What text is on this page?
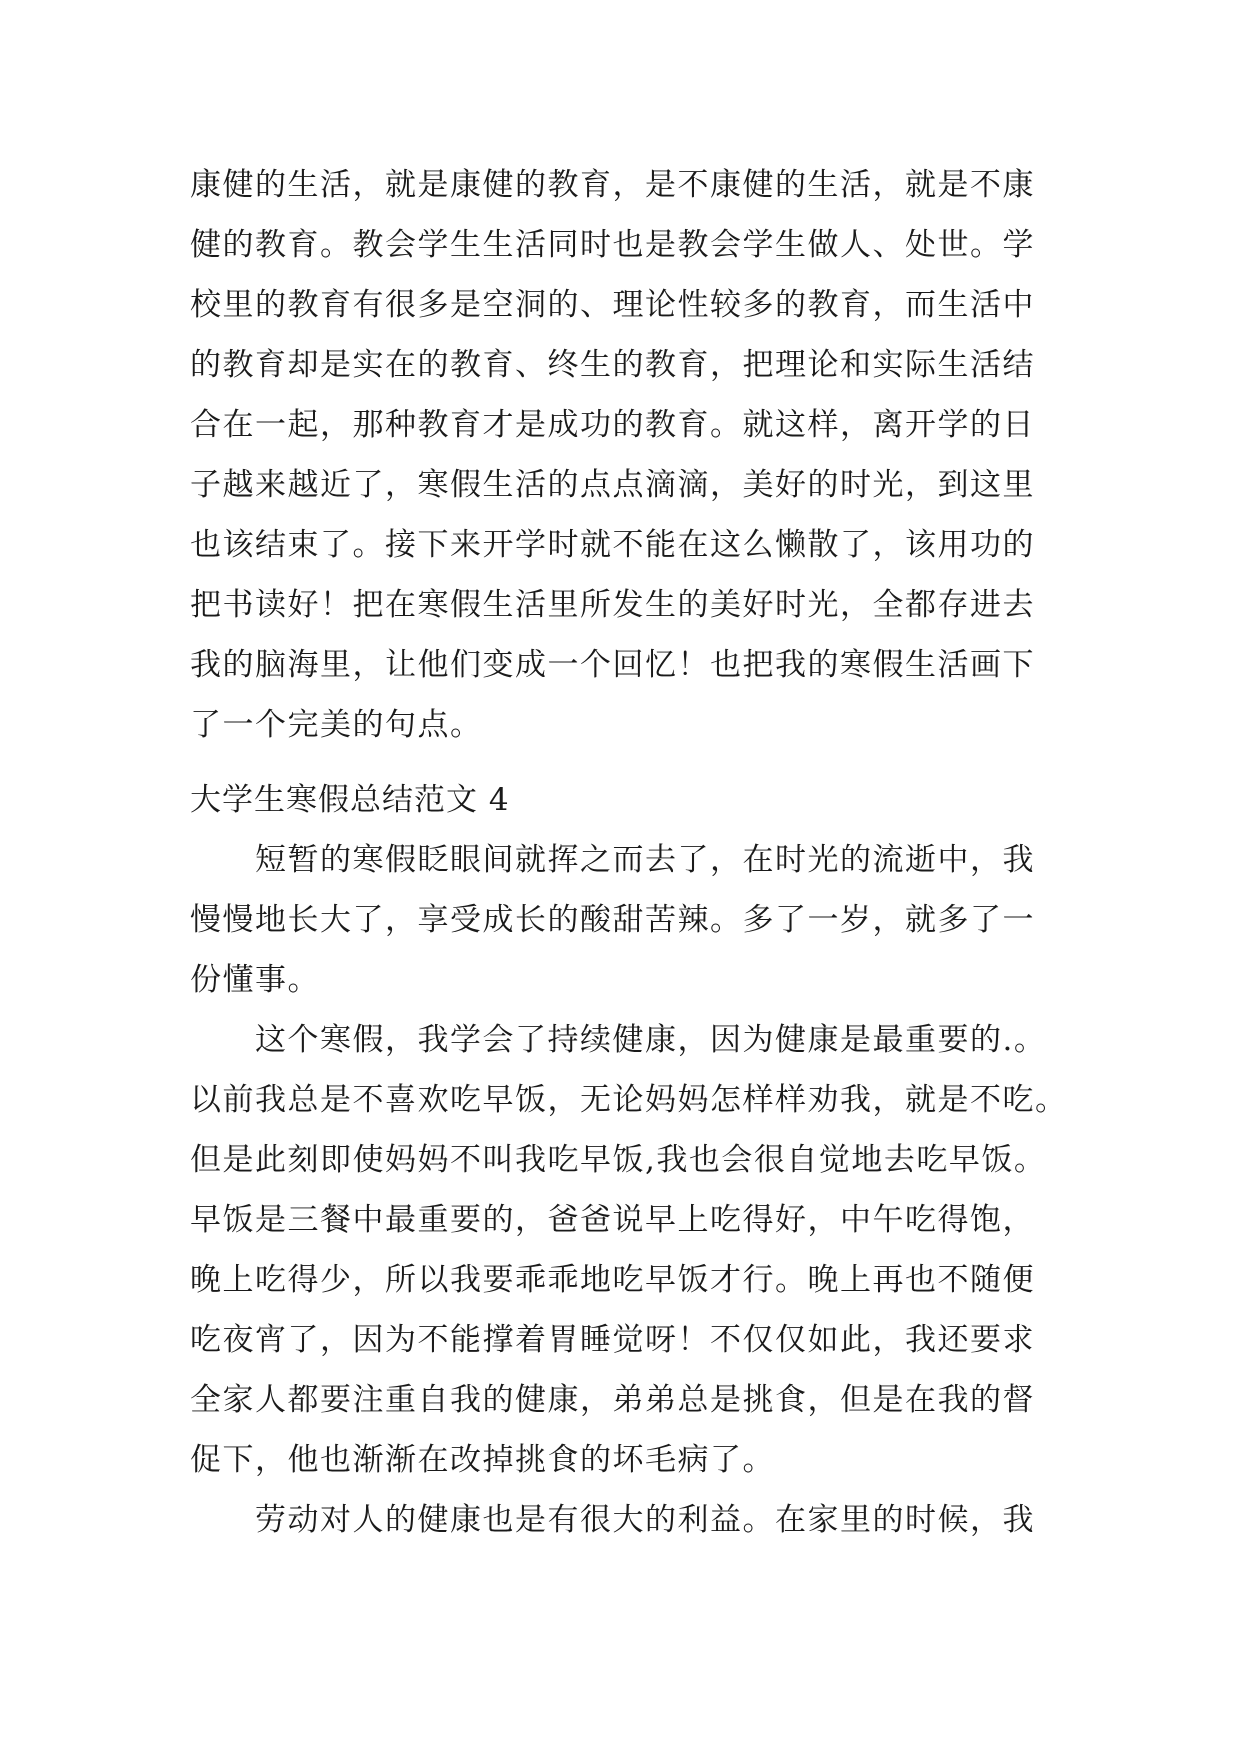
康健的生活，就是康健的教育，是不康健的生活，就是不康
健的教育。教会学生生活同时也是教会学生做人、处世。学
校里的教育有很多是空洞的、理论性较多的教育，而生活中
的教育却是实在的教育、终生的教育，把理论和实际生活结
合在一起，那种教育才是成功的教育。就这样，离开学的日
子越来越近了，寒假生活的点点滴滴，美好的时光，到这里
也该结束了。接下来开学时就不能在这么懒散了，该用功的
把书读好！把在寒假生活里所发生的美好时光，全都存进去
我的脑海里，让他们变成一个回忆！也把我的寒假生活画下
了一个完美的句点。
大学生寒假总结范文 4
　　短暂的寒假眨眼间就挥之而去了，在时光的流逝中，我
慢慢地长大了，享受成长的酸甜苦辣。多了一岁，就多了一
份懂事。
　　这个寒假，我学会了持续健康，因为健康是最重要的.。
以前我总是不喜欢吃早饭，无论妈妈怎样样劝我，就是不吃。
但是此刻即使妈妈不叫我吃早饭,我也会很自觉地去吃早饭。
早饭是三餐中最重要的，爸爸说早上吃得好，中午吃得饱，
晚上吃得少，所以我要乖乖地吃早饭才行。晚上再也不随便
吃夜宵了，因为不能撑着胃睡觉呀！不仅仅如此，我还要求
全家人都要注重自我的健康，弟弟总是挑食，但是在我的督
促下，他也渐渐在改掉挑食的坏毛病了。
　　劳动对人的健康也是有很大的利益。在家里的时候，我
